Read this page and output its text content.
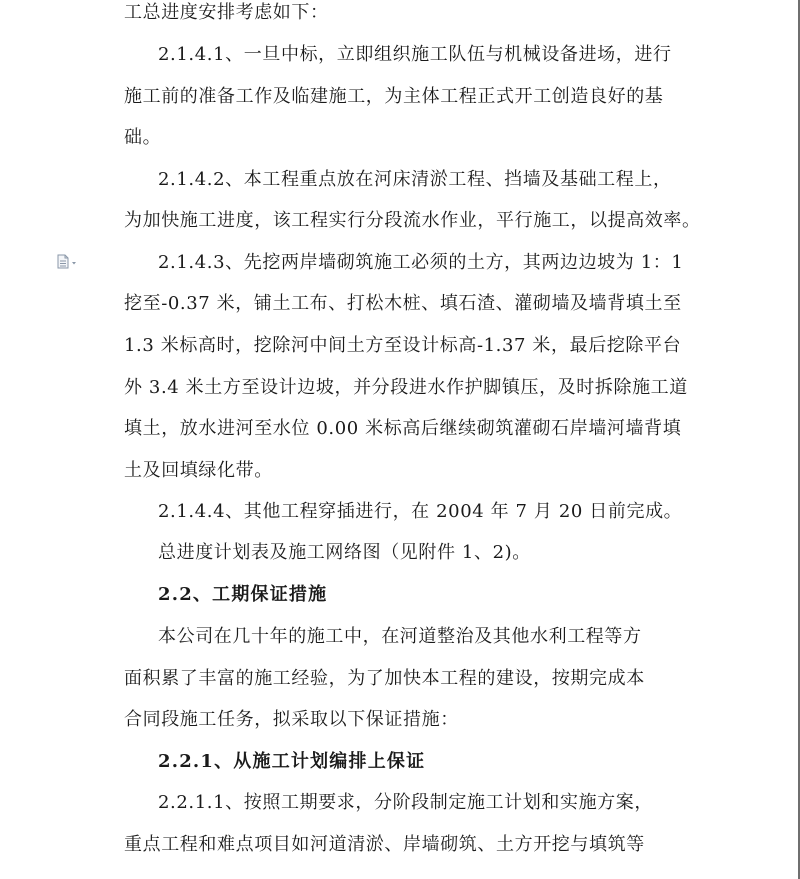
工总进度安排考虑如下：
2.1.4.1、一旦中标，立即组织施工队伍与机械设备进场，进行
施工前的准备工作及临建施工，为主体工程正式开工创造良好的基
础。
2.1.4.2、本工程重点放在河床清淤工程、挡墙及基础工程上，
为加快施工进度，该工程实行分段流水作业，平行施工，以提高效率。
2.1.4.3、先挖两岸墙砌筑施工必须的土方，其两边边坡为 1：1
挖至-0.37 米，铺土工布、打松木桩、填石渣、灌砌墙及墙背填土至
1.3 米标高时，挖除河中间土方至设计标高-1.37 米，最后挖除平台
外 3.4 米土方至设计边坡，并分段进水作护脚镇压，及时拆除施工道
填土，放水进河至水位 0.00 米标高后继续砌筑灌砌石岸墙河墙背填
土及回填绿化带。
2.1.4.4、其他工程穿插进行，在 2004 年 7 月 20 日前完成。
总进度计划表及施工网络图（见附件 1、2)。
2.2、工期保证措施
本公司在几十年的施工中，在河道整治及其他水利工程等方
面积累了丰富的施工经验，为了加快本工程的建设，按期完成本
合同段施工任务，拟采取以下保证措施：
2.2.1、从施工计划编排上保证
2.2.1.1、按照工期要求，分阶段制定施工计划和实施方案，
重点工程和难点项目如河道清淤、岸墙砌筑、土方开挖与填筑等
